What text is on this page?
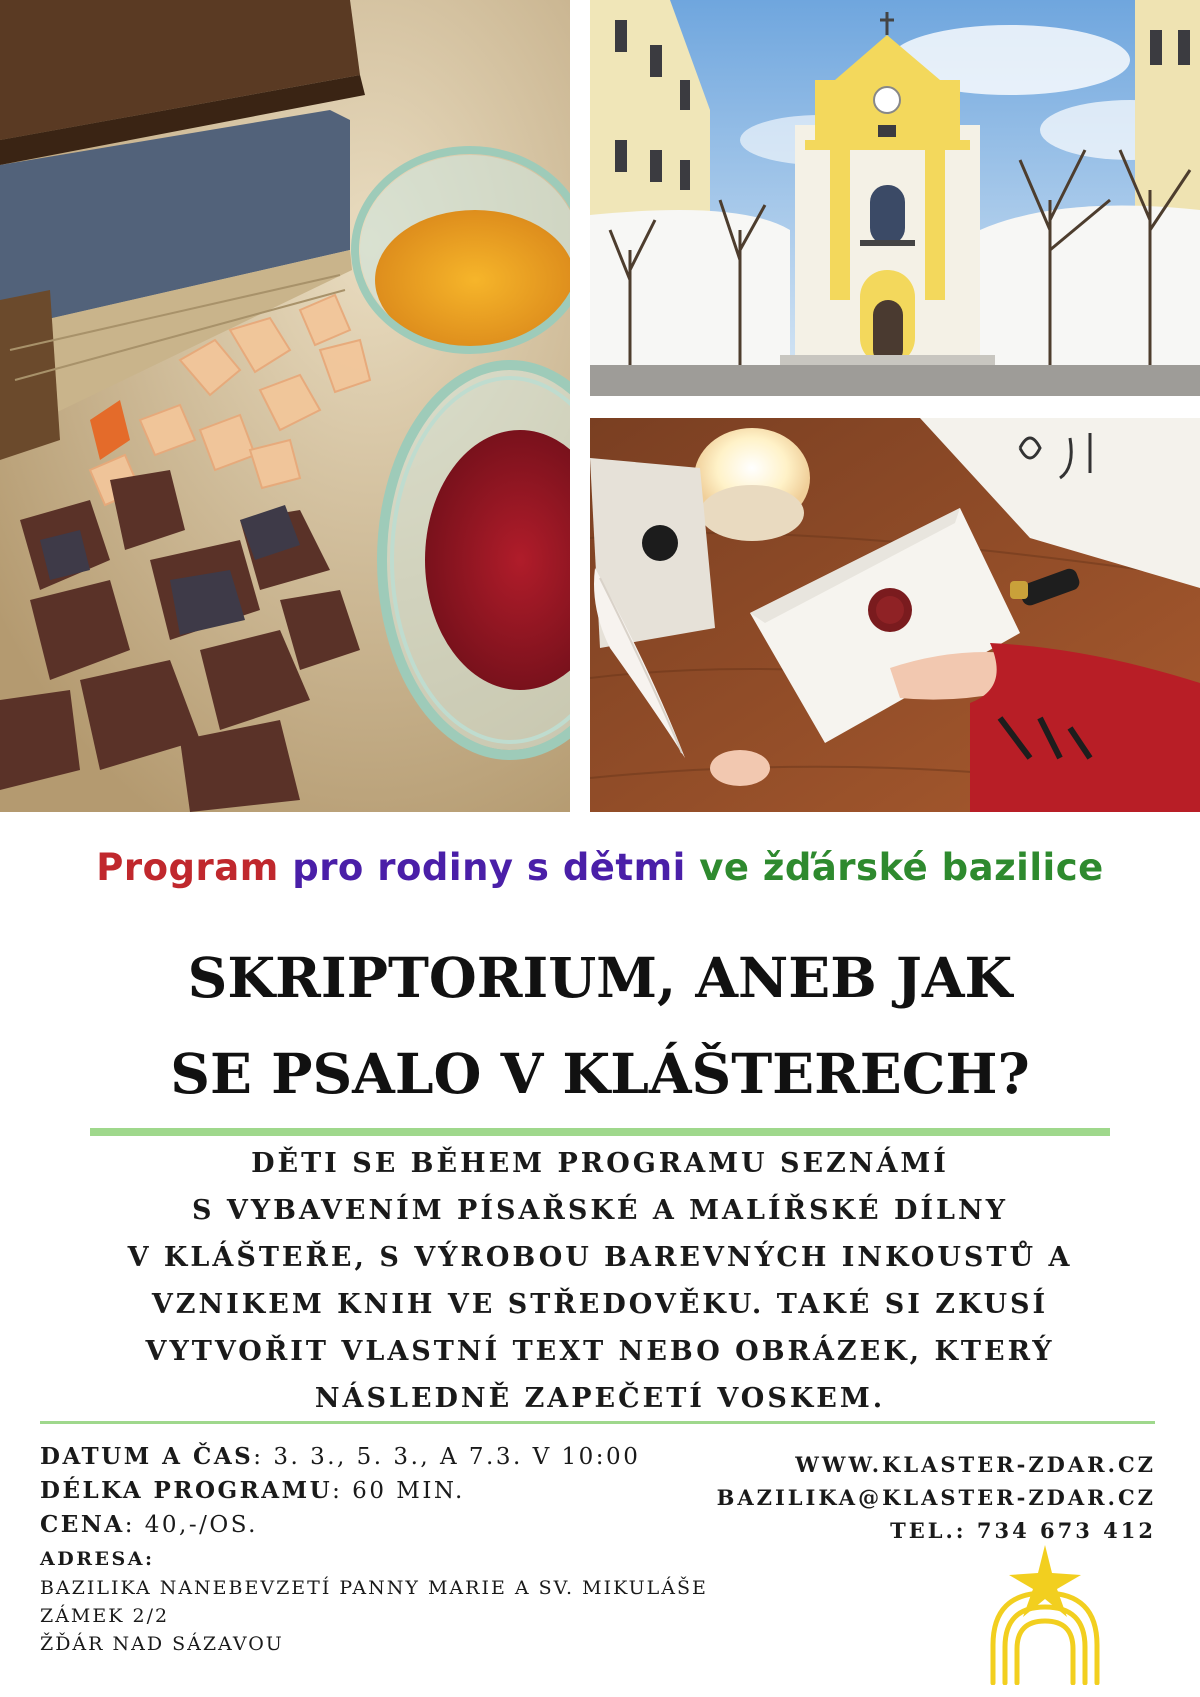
Program pro rodiny s dětmi ve žďárské bazilice
SKRIPTORIUM, ANEB JAK
SE PSALO V KLÁŠTERECH?
DĚTI SE BĚHEM PROGRAMU SEZNÁMÍ
S VYBAVENÍM PÍSAŘSKÉ A MALÍŘSKÉ DÍLNY
V KLÁŠTEŘE, S VÝROBOU BAREVNÝCH INKOUSTŮ A
VZNIKEM KNIH VE STŘEDOVĚKU. TAKÉ SI ZKUSÍ
VYTVOŘIT VLASTNÍ TEXT NEBO OBRÁZEK, KTERÝ
NÁSLEDNĚ ZAPEČETÍ VOSKEM.
DATUM A ČAS: 3. 3., 5. 3., A 7.3. V 10:00
DÉLKA PROGRAMU: 60 MIN.
CENA: 40,-/OS.
ADRESA:
BAZILIKA NANEBEVZETÍ PANNY MARIE A SV. MIKULÁŠE
ZÁMEK 2/2
ŽĎÁR NAD SÁZAVOU
WWW.KLASTER-ZDAR.CZ
BAZILIKA@KLASTER-ZDAR.CZ
TEL.: 734 673 412
